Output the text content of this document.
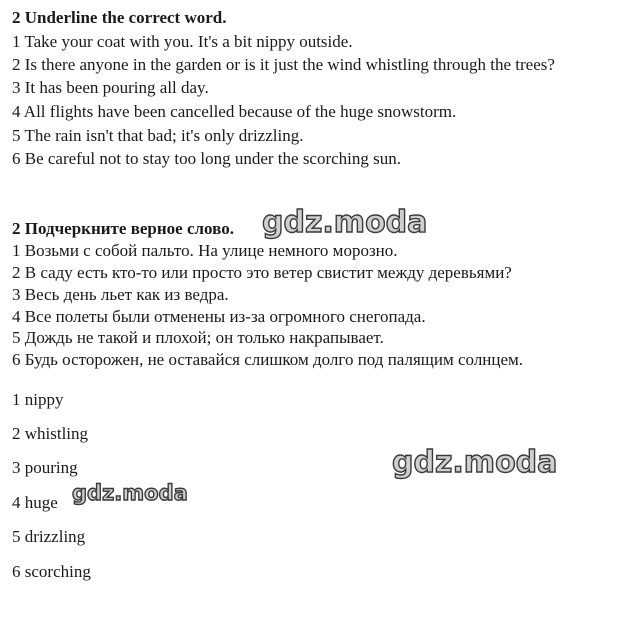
2 Underline the correct word.
1 Take your coat with you. It's a bit nippy outside.
2 Is there anyone in the garden or is it just the wind whistling through the trees?
3 It has been pouring all day.
4 All flights have been cancelled because of the huge snowstorm.
5 The rain isn't that bad; it's only drizzling.
6 Be careful not to stay too long under the scorching sun.
2 Подчеркните верное слово.
1 Возьми с собой пальто. На улице немного морозно.
2 В саду есть кто-то или просто это ветер свистит между деревьями?
3 Весь день льет как из ведра.
4 Все полеты были отменены из-за огромного снегопада.
5 Дождь не такой и плохой; он только накрапывает.
6 Будь осторожен, не оставайся слишком долго под палящим солнцем.
1 nippy
2 whistling
3 pouring
4 huge
5 drizzling
6 scorching
gdz.moda
gdz.moda
gdz.moda
